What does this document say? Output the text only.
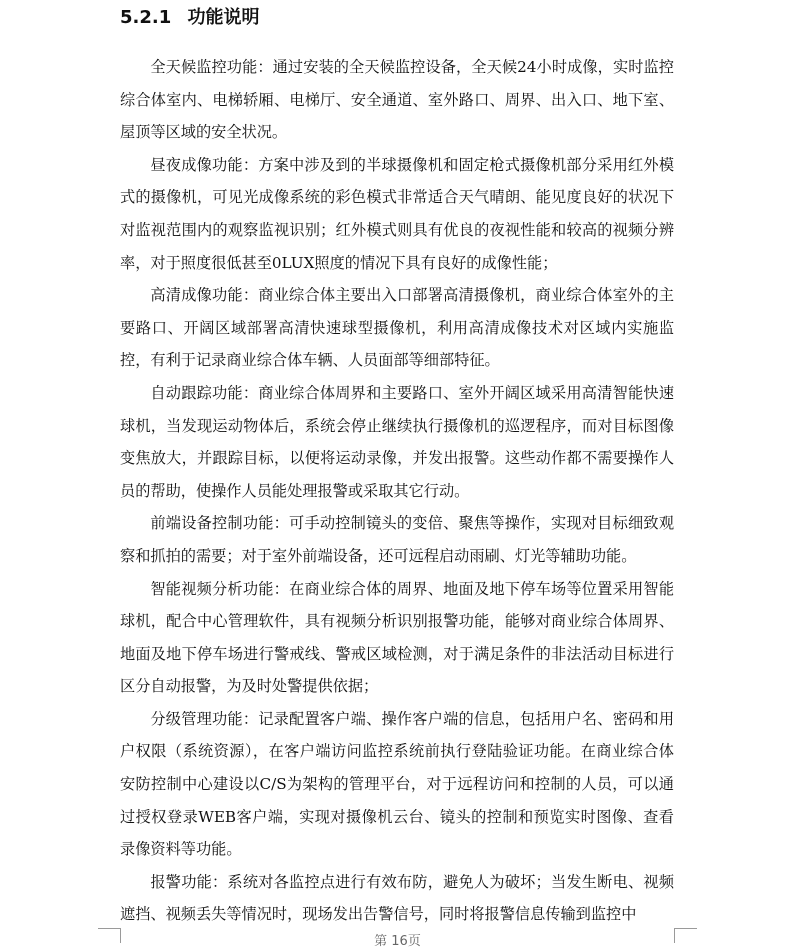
5.2.1 功能说明

全天候监控功能：通过安装的全天候监控设备，全天候24小时成像，实时监控综合体室内、电梯轿厢、电梯厅、安全通道、室外路口、周界、出入口、地下室、屋顶等区域的安全状况。

昼夜成像功能：方案中涉及到的半球摄像机和固定枪式摄像机部分采用红外模式的摄像机，可见光成像系统的彩色模式非常适合天气晴朗、能见度良好的状况下对监视范围内的观察监视识别；红外模式则具有优良的夜视性能和较高的视频分辨率，对于照度很低甚至0LUX照度的情况下具有良好的成像性能；

高清成像功能：商业综合体主要出入口部署高清摄像机，商业综合体室外的主要路口、开阔区域部署高清快速球型摄像机，利用高清成像技术对区域内实施监控，有利于记录商业综合体车辆、人员面部等细部特征。

自动跟踪功能：商业综合体周界和主要路口、室外开阔区域采用高清智能快速球机，当发现运动物体后，系统会停止继续执行摄像机的巡逻程序，而对目标图像变焦放大，并跟踪目标，以便将运动录像，并发出报警。这些动作都不需要操作人员的帮助，使操作人员能处理报警或采取其它行动。

前端设备控制功能：可手动控制镜头的变倍、聚焦等操作，实现对目标细致观察和抓拍的需要；对于室外前端设备，还可远程启动雨刷、灯光等辅助功能。

智能视频分析功能：在商业综合体的周界、地面及地下停车场等位置采用智能球机，配合中心管理软件，具有视频分析识别报警功能，能够对商业综合体周界、地面及地下停车场进行警戒线、警戒区域检测，对于满足条件的非法活动目标进行区分自动报警，为及时处警提供依据；

分级管理功能：记录配置客户端、操作客户端的信息，包括用户名、密码和用户权限（系统资源），在客户端访问监控系统前执行登陆验证功能。在商业综合体安防控制中心建设以C/S为架构的管理平台，对于远程访问和控制的人员，可以通过授权登录WEB客户端，实现对摄像机云台、镜头的控制和预览实时图像、查看录像资料等功能。

报警功能：系统对各监控点进行有效布防，避免人为破坏；当发生断电、视频遮挡、视频丢失等情况时，现场发出告警信号，同时将报警信息传输到监控中

第 16页
